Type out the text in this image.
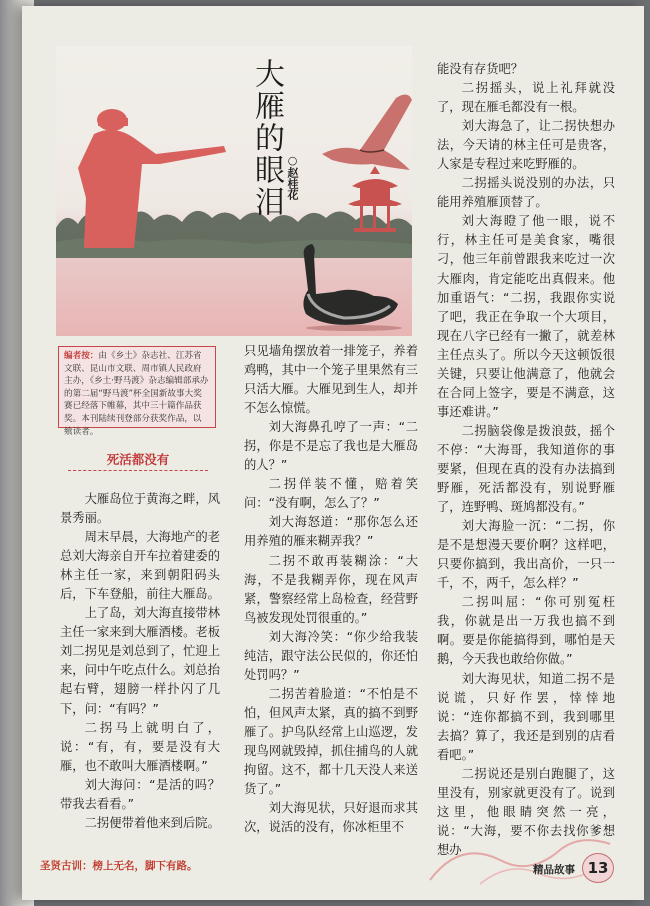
大雁的眼泪 ○赵桂花
编者按：由《乡土》杂志社、江苏省文联、昆山市文联、周市镇人民政府主办，《乡土·野马渡》杂志编辑部承办的第二届“野马渡”杯全国新故事大奖赛已经落下帷幕，其中三十篇作品获奖。本刊陆续刊登部分获奖作品，以飨读者。
死活都没有

大雁岛位于黄海之畔，风景秀丽。

周末早晨，大海地产的老总刘大海亲自开车拉着建委的林主任一家，来到朝阳码头后，下车登船，前往大雁岛。

上了岛，刘大海直接带林主任一家来到大雁酒楼。老板刘二拐见是刘总到了，忙迎上来，问中午吃点什么。刘总抬起右臂，翅膀一样扑闪了几下，问：“有吗？”

二拐马上就明白了，说：“有，有，要是没有大雁，也不敢叫大雁酒楼啊。”

刘大海问：“是活的吗？带我去看看。”

二拐便带着他来到后院。

只见墙角摆放着一排笼子，养着鸡鸭，其中一个笼子里果然有三只活大雁。大雁见到生人，却并不怎么惊慌。

刘大海鼻孔哼了一声：“二拐，你是不是忘了我也是大雁岛的人？”

二拐佯装不懂，赔着笑问：“没有啊，怎么了？”

刘大海怒道：“那你怎么还用养殖的雁来糊弄我？”

二拐不敢再装糊涂：“大海，不是我糊弄你，现在风声紧，警察经常上岛检查，经营野鸟被发现处罚很重的。”

刘大海冷笑：“你少给我装纯洁，跟守法公民似的，你还怕处罚吗？”

二拐苦着脸道：“不怕是不怕，但风声太紧，真的搞不到野雁了。护鸟队经常上山巡逻，发现鸟网就毁掉，抓住捕鸟的人就拘留。这不，都十几天没人来送货了。”

刘大海见状，只好退而求其次，说活的没有，你冰柜里不

能没有存货吧？

二拐摇头，说上礼拜就没了，现在雁毛都没有一根。

刘大海急了，让二拐快想办法，今天请的林主任可是贵客，人家是专程过来吃野雁的。

二拐摇头说没别的办法，只能用养殖雁顶替了。

刘大海瞪了他一眼，说不行，林主任可是美食家，嘴很刁，他三年前曾跟我来吃过一次大雁肉，肯定能吃出真假来。他加重语气：“二拐，我跟你实说了吧，我正在争取一个大项目，现在八字已经有一撇了，就差林主任点头了。所以今天这顿饭很关键，只要让他满意了，他就会在合同上签字，要是不满意，这事还难讲。”

二拐脑袋像是拨浪鼓，摇个不停：“大海哥，我知道你的事要紧，但现在真的没有办法搞到野雁，死活都没有，别说野雁了，连野鸭、斑鸠都没有。”

刘大海脸一沉：“二拐，你是不是想漫天要价啊？这样吧，只要你搞到，我出高价，一只一千，不，两千，怎么样？”

二拐叫屈：“你可别冤枉我，你就是出一万我也搞不到啊。要是你能搞得到，哪怕是天鹅，今天我也敢给你做。”

刘大海见状，知道二拐不是说谎，只好作罢，悻悻地说：“连你都搞不到，我到哪里去搞？算了，我还是到别的店看看吧。”

二拐说还是别白跑腿了，这里没有，别家就更没有了。说到这里，他眼睛突然一亮，说：“大海，要不你去找你爹想想办

圣贤古训：榜上无名，脚下有路。	精品故事 13
